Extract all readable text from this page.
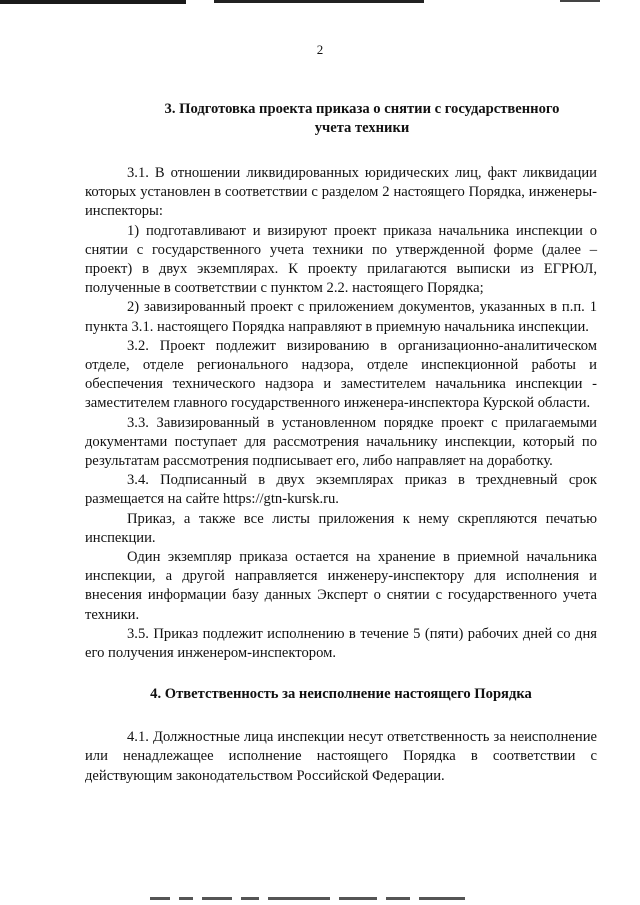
2
3. Подготовка проекта приказа о снятии с государственного
учета техники

3.1. В отношении ликвидированных юридических лиц, факт ликвидации которых установлен в соответствии с разделом 2 настоящего Порядка, инженеры-инспекторы:

1) подготавливают и визируют проект приказа начальника инспекции о снятии с государственного учета техники по утвержденной форме (далее – проект) в двух экземплярах. К проекту прилагаются выписки из ЕГРЮЛ, полученные в соответствии с пунктом 2.2. настоящего Порядка;

2) завизированный проект с приложением документов, указанных в п.п. 1 пункта 3.1. настоящего Порядка направляют в приемную начальника инспекции.

3.2. Проект подлежит визированию в организационно-аналитическом отделе, отделе регионального надзора, отделе инспекционной работы и обеспечения технического надзора и заместителем начальника инспекции - заместителем главного государственного инженера-инспектора Курской области.

3.3. Завизированный в установленном порядке проект с прилагаемыми документами поступает для рассмотрения начальнику инспекции, который по результатам рассмотрения подписывает его, либо направляет на доработку.

3.4. Подписанный в двух экземплярах приказ в трехдневный срок размещается на сайте https://gtn-kursk.ru.

Приказ, а также все листы приложения к нему скрепляются печатью инспекции.

Один экземпляр приказа остается на хранение в приемной начальника инспекции, а другой направляется инженеру-инспектору для исполнения и внесения информации базу данных Эксперт о снятии с государственного учета техники.

3.5. Приказ подлежит исполнению в течение 5 (пяти) рабочих дней со дня его получения инженером-инспектором.

4. Ответственность за неисполнение настоящего Порядка

4.1. Должностные лица инспекции несут ответственность за неисполнение или ненадлежащее исполнение настоящего Порядка в соответствии с действующим законодательством Российской Федерации.
